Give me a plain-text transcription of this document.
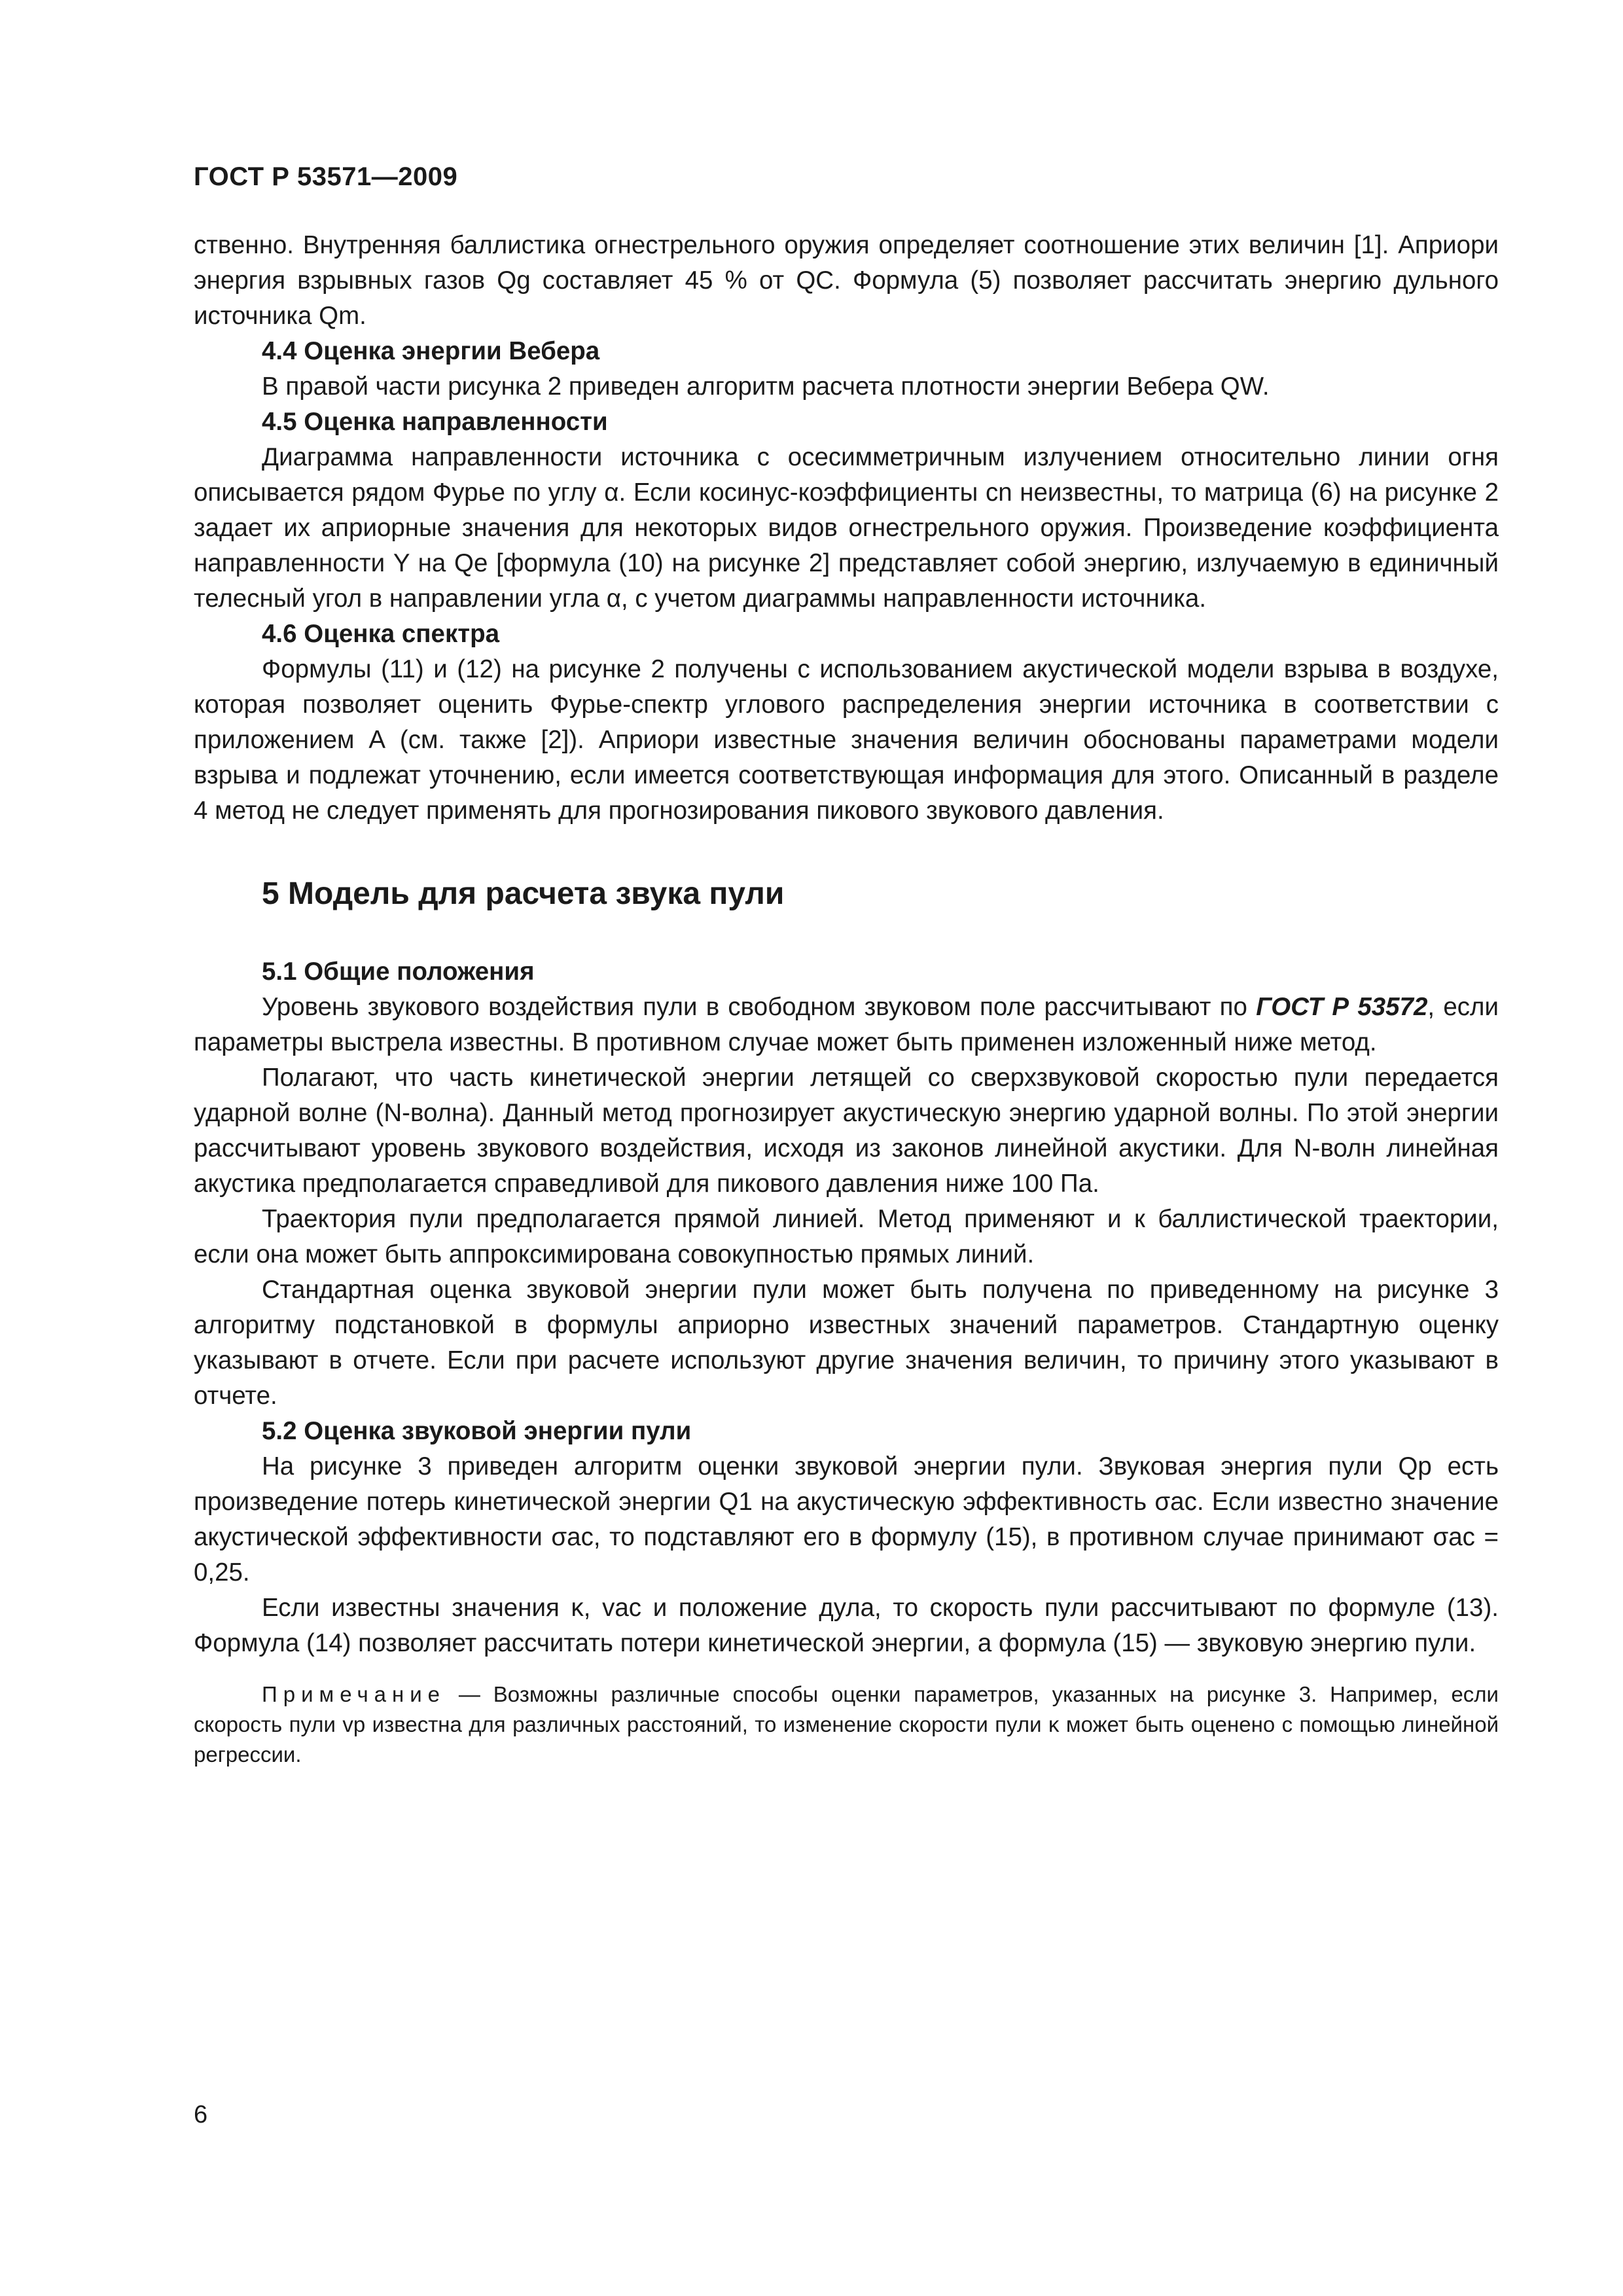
ГОСТ Р 53571—2009

ственно. Внутренняя баллистика огнестрельного оружия определяет соотношение этих величин [1]. Априори энергия взрывных газов Qg составляет 45 % от QC. Формула (5) позволяет рассчитать энергию дульного источника Qm.

4.4 Оценка энергии Вебера

В правой части рисунка 2 приведен алгоритм расчета плотности энергии Вебера QW.

4.5 Оценка направленности

Диаграмма направленности источника с осесимметричным излучением относительно линии огня описывается рядом Фурье по углу α. Если косинус-коэффициенты cn неизвестны, то матрица (6) на рисунке 2 задает их априорные значения для некоторых видов огнестрельного оружия. Произведение коэффициента направленности Y на Qe [формула (10) на рисунке 2] представляет собой энергию, излучаемую в единичный телесный угол в направлении угла α, с учетом диаграммы направленности источника.

4.6 Оценка спектра

Формулы (11) и (12) на рисунке 2 получены с использованием акустической модели взрыва в воздухе, которая позволяет оценить Фурье-спектр углового распределения энергии источника в соответствии с приложением А (см. также [2]). Априори известные значения величин обоснованы параметрами модели взрыва и подлежат уточнению, если имеется соответствующая информация для этого. Описанный в разделе 4 метод не следует применять для прогнозирования пикового звукового давления.

5 Модель для расчета звука пули
5.1 Общие положения

Уровень звукового воздействия пули в свободном звуковом поле рассчитывают по ГОСТ Р 53572, если параметры выстрела известны. В противном случае может быть применен изложенный ниже метод.

Полагают, что часть кинетической энергии летящей со сверхзвуковой скоростью пули передается ударной волне (N-волна). Данный метод прогнозирует акустическую энергию ударной волны. По этой энергии рассчитывают уровень звукового воздействия, исходя из законов линейной акустики. Для N-волн линейная акустика предполагается справедливой для пикового давления ниже 100 Па.

Траектория пули предполагается прямой линией. Метод применяют и к баллистической траектории, если она может быть аппроксимирована совокупностью прямых линий.

Стандартная оценка звуковой энергии пули может быть получена по приведенному на рисунке 3 алгоритму подстановкой в формулы априорно известных значений параметров. Стандартную оценку указывают в отчете. Если при расчете используют другие значения величин, то причину этого указывают в отчете.

5.2 Оценка звуковой энергии пули

На рисунке 3 приведен алгоритм оценки звуковой энергии пули. Звуковая энергия пули Qp есть произведение потерь кинетической энергии Q1 на акустическую эффективность σac. Если известно значение акустической эффективности σac, то подставляют его в формулу (15), в противном случае принимают σac = 0,25.

Если известны значения κ, vac и положение дула, то скорость пули рассчитывают по формуле (13). Формула (14) позволяет рассчитать потери кинетической энергии, а формула (15) — звуковую энергию пули.

Примечание — Возможны различные способы оценки параметров, указанных на рисунке 3. Например, если скорость пули vp известна для различных расстояний, то изменение скорости пули κ может быть оценено с помощью линейной регрессии.

6
